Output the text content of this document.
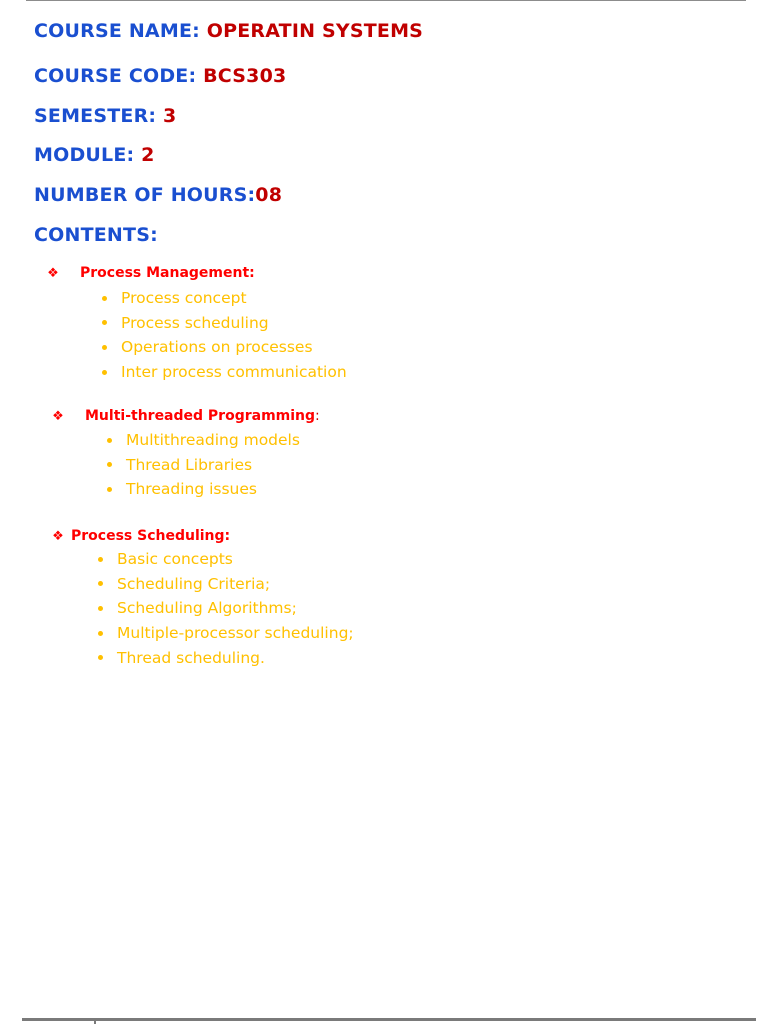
COURSE NAME: OPERATIN SYSTEMS
COURSE CODE: BCS303
SEMESTER: 3
MODULE: 2
NUMBER OF HOURS:08
CONTENTS:
❖ Process Management:
Process concept
Process scheduling
Operations on processes
Inter process communication
❖ Multi-threaded Programming :
Multithreading models
Thread Libraries
Threading issues
❖ Process Scheduling:
Basic concepts
Scheduling Criteria;
Scheduling Algorithms;
Multiple-processor scheduling;
Thread scheduling.
